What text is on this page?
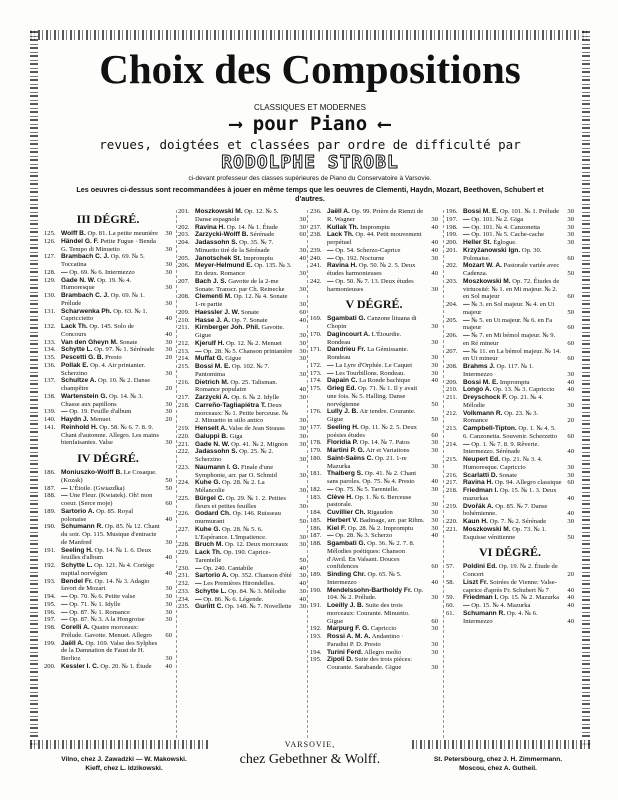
Choix des Compositions
CLASSIQUES ET MODERNES
⟶ pour Piano ⟵
revues, doigtées et classées par ordre de difficulté par
RODOLPHE STROBL
ci-devant professeur des classes supérieures de Piano du Conservatoire à Varsovie.
Les oeuvres ci-dessus sont recommandées à jouer en même temps que les oeuvres de Clementi, Haydn, Mozart, Beethoven, Schubert et d'autres.
III DÉGRÉ.
125. Wolff B. Op. 81. La petite meunière 30
126. Händel G. F. Petite Fugue · Benda G. Tempo di Minuetto	30
127. Brambach C. J. Op. 69. № 5. Toccatina	30
128. — Op. 69. № 6. Intermezzo	30
129. Gade N. W. Op. 19. № 4. Humoresque	30
130. Brambach C. J. Op. 69. № 1. Prélude	30
131. Scharwenka Ph. Op. 63. № 1. Capriccietto	40
132. Lack Th. Op. 145. Solo de Concours	40
133. Van den Gheyn M. Sonate	30
134. Schytte L. Op. 97. № 1. Sérénade 30
135. Pescetti G. B. Presto	20
136. Pollak E. Op. 4. Air printanier. Scherzino	30
137. Schultze A. Op. 10. № 2. Danse champêtre	20
138. Wartenstein G. Op. 14. № 3. Chasse aux papillons	30
139. — Op. 19. Feuille d'album	30
140. Haydn J. Menuet	20
141. Reinhold H. Op. 58. № 6. 7. 8. 9. Chant d'automne. Allegro. Les mains bienfaisantes. Valse	30
IV DÉGRÉ.
186. Moniuszko-Wolff B. Le Cosaque. (Kozak)	50
187. — L'Étoile. (Gwiazdka)	50
188. — Une Fleur. (Kwiatek). Oh! mon coeur. (Serce mojе)	60
189. Sartorio A. Op. 85. Royal polonaise	40
190. Schumann R. Op. 85. № 12. Chant du soir. Op. 115. Musique d'entracte de Manfred	30
191. Seeling H. Op. 14. № 1. 6. Deux feuilles d'album	40
192. Schytte L. Op. 121. № 4. Cortège nuptial norvégien	40
193. Bendel Fr. Op. 14. № 3. Adagio favori de Mozart	30
194. — Op. 70. № 6. Petite valse	30
195. — Op. 71. № 1. Idylle	30
196. — Op. 87. № 1. Romance	30
197. — Op. 87. № 3. A la Hongroise	30
198. Corelli A. Quatre morceaux: Prélude. Gavotte. Menuet. Allegro 60
199. Jaëll A. Op. 169. Valse des Sylphes de la Damnation de Faust de H. Berlioz	30
200. Kessler I. C. Op. 20. № 1. Étude 40
201. Moszkowski M. Op. 12. № 5. Danse espagnole	30
202. Ravina H. Op. 14. № 1. Étude	30
203. Zarzycki-Wolff B. Sérénade	60
204. Jadassohn S. Op. 35. № 7. Minuetto tiré de la Sérénade	30
205. Janotschek St. Impromptu	40
206. Meyer-Helmund E. Op. 135. № 3. En deux. Romance	30
207. Bach J. S. Gavotte de la 2-me Sonate. Transcr. par Ch. Reinecke 30
208. Clementi M. Op. 12. № 4. Sonate 1-re partie	30
209. Haessler J. W. Sonate	60
210. Hasse J. A. Op. 7. Sonate	40
211. Kirnberger Joh. Phil. Gavotte. Gigue	30
212. Kjerulf H. Op. 12. № 2. Menuet	30
213. — Op. 28. № 5. Chanson printanière 30
214. Muffat G. Gigue	30
215. Bossi M. E. Op. 102. № 7. Pantomima	30
216. Dietrich M. Op. 25. Talisman. Romance populaire	40
217. Zarzycki A. Op. 6. № 2. Idylle	30
218. Carreño-Tagliapiétra T. Deux morceaux: № 1. Petite berceuse. № 2. Minuetto in stilo antico	30
219. Henselt A. Valse de Jean Strauss 30
220. Galuppi B. Giga	30
221. Gade N. W. Op. 41. № 2. Mignon 30
222. Jadassohn S. Op. 25. № 2. Scherzino	30
223. Naumann I. G. Finale d'une Symphonie, arr. par O. Schmid	30
224. Kuhe G. Op. 28. № 2. La Mélancolie	30
225. Bürgel C. Op. 29. № 1. 2. Petites fleurs et petites feuilles	30
226. Godard Ch. Op. 146. Ruisseau murmurant	50
227. Kuhe G. Op. 28. № 5. 6. L'Espérance. L'Impatience.	30
228. Bruch M. Op. 12. Deux morceaux 30
229. Lack Th. Op. 190. Caprice-Tarentelle	50
230. — Op. 240. Cantabile	40
231. Sartorio A. Op. 352. Chanson d'été 30
232. — Les Premières Hirondelles.	40
233. Schytte L. Op. 84. № 3. Mélodie 30
234. — Op. 86. № 6. Légende.	40
235. Gurlitt C. Op. 148. № 7. Novellette 30
236. Jaëll A. Op. 99. Prière de Rienzi de R. Wagner	30
237. Kullak Th. Impromptu	40
238. Lack Th. Op. 44. Petit mouvement perpétuel	40
239. — Op. 54. Scherzo-Caprice	40
240. — Op. 192. Nocturne	30
241. Ravina H. Op. 50. № 2. 5. Deux études harmonieuses	40
242. — Op. 50. № 7. 13. Deux études harmonieuses	30
V DÉGRÉ.
169. Sgambati G. Canzone lituana di Chopin	30
170. Dagincourt A. L'Étourdie. Rondeau	30
171. Dandrieu Fr. La Gémissante. Rondeau	30
172. — La Lyre d'Orphée. Le Caquet	30
173. — Les Tourbillons. Rondeau.	30
174. Dapain C. La Ronde bachique	40
175. Grieg Ed. Op. 71. № 1. Il y avait une fois. № 5. Halling. Danse norvégienne	50
176. Lully J. B. Air tendre. Courante. Gigue	50
177. Seeling H. Op. 11. № 2. 5. Deux poésies études	60
178. Floridia P. Op. 14. № 7. Patos	30
179. Martini P. G. Air et Variations	30
180. Saint-Saëns C. Op. 21. 1-re Mazurka	30
181. Thalberg S. Op. 41. № 2. Chant sans paroles. Op. 75. № 4. Presto	40
182. — Op. 75. № 5. Tarentelle.	30
183. Clève H. Op. 1. № 6. Berceuse pastorale.	30
184. Cuvillier Ch. Rigaudon	30
185. Herbert V. Badinage, arr. par Rihm. 30
186. Kiel F. Op. 28. № 2. Impromptu	30
187. — Op. 28. № 3. Scherzo	40
188. Sgambati G. Op. 36. № 2. 7. 8. Mélodies poétiques: Chanson d'Avril. En Valsant. Douces confidences	60
189. Sinding Chr. Op. 65. № 5. Intermezzo	40
190. Mendelssohn-Bartholdy Fr. Op. 104. № 2. Prélude.	30
191. Loeilly J. B. Suite des trois morceaux: Courante. Minuetto. Gigue	60
192. Marpurg F. G. Capriccio	30
193. Rossi A. M. A. Andantino · Paradisi P. D. Presto	30
194. Turini Ferd. Allegro molto	30
195. Zipoli D. Suite des trois pièces: Courante. Sarabande. Gigue	30
196. Bossi M. E. Op. 101. № 1. Prélude 30
197. — Op. 101. № 2. Giga	30
198. — Op. 101. № 4. Canzonetta	30
199. — Op. 101. № 5. Cache-cache	30
200. Heller St. Églogue.	30
201. Krzyżanowski Ign. Op. 30. Polonaise.	60
202. Mozart W. A. Pastorale variée avec Cadenza.	50
203. Moszkowski M. Op. 72. Études de virtuosité: № 1. en Mi majeur. № 2. en Sol majeur	60
204. — № 3. en Sol majeur. № 4. en Ut majeur	50
205. — № 5. en Ut majeur. № 6. en Fa majeur	60
206. — № 7. en Mi bémol majeur. № 9. en Ré mineur	60
207. — № 11. en La bémol majeur. № 14. en Ut mineur	60
208. Brahms J. Op. 117. № 1. Intermezzo	30
209. Bossi M. E. Impromptu	40
210. Longo A. Op. 13. № 3. Capriccio 40
211. Dreyschock F. Op. 21. № 4. Mélodie	30
212. Volkmann R. Op. 23. № 3. Romance	20
213. Campbell-Tipton. Op. 1. № 4. 5. 6. Canzonetta. Souvenir. Scherzetto 60
214. — Op. 1. № 7. 8. 9. Rêverie. Intermezzo. Sérénade	40
215. Neupert Ed. Op. 21. № 3. 4. Humoresque. Capriccio	30
216. Scarlatti D. Sonate	30
217. Ravina H. Op. 94. Allegro classique 60
218. Friedman I. Op. 15. № 1. 3. Deux mazurkas	40
219. Dvořák A. Op. 85. № 7. Danse bohémienne.	40
220. Kaun H. Op. 7. № 2. Sérénade	30
221. Moszkowski M. Op. 73. № 1. Esquisse vénitienne	50
VI DÉGRÉ.
57. Poldini Ed. Op. 19. № 2. Étude de Concert	20
58. Liszt Fr. Soirées de Vienne: Valse-caprice d'après Fr. Schubert № 7	40
59. Friedman I. Op. 15. № 2. Mazurka 40
60. — Op. 15. № 4. Mazurka	40
61. Schumann R. Op. 4. № 6. Intermezzo	40
Vilno, chez J. Zawadzki — W. Makowski.
Kieff, chez L. Idzikowski.
VARSOVIE,
chez Gebethner & Wolff.	St. Petersbourg, chez J. H. Zimmermann.
Moscou, chez A. Gutheil.
